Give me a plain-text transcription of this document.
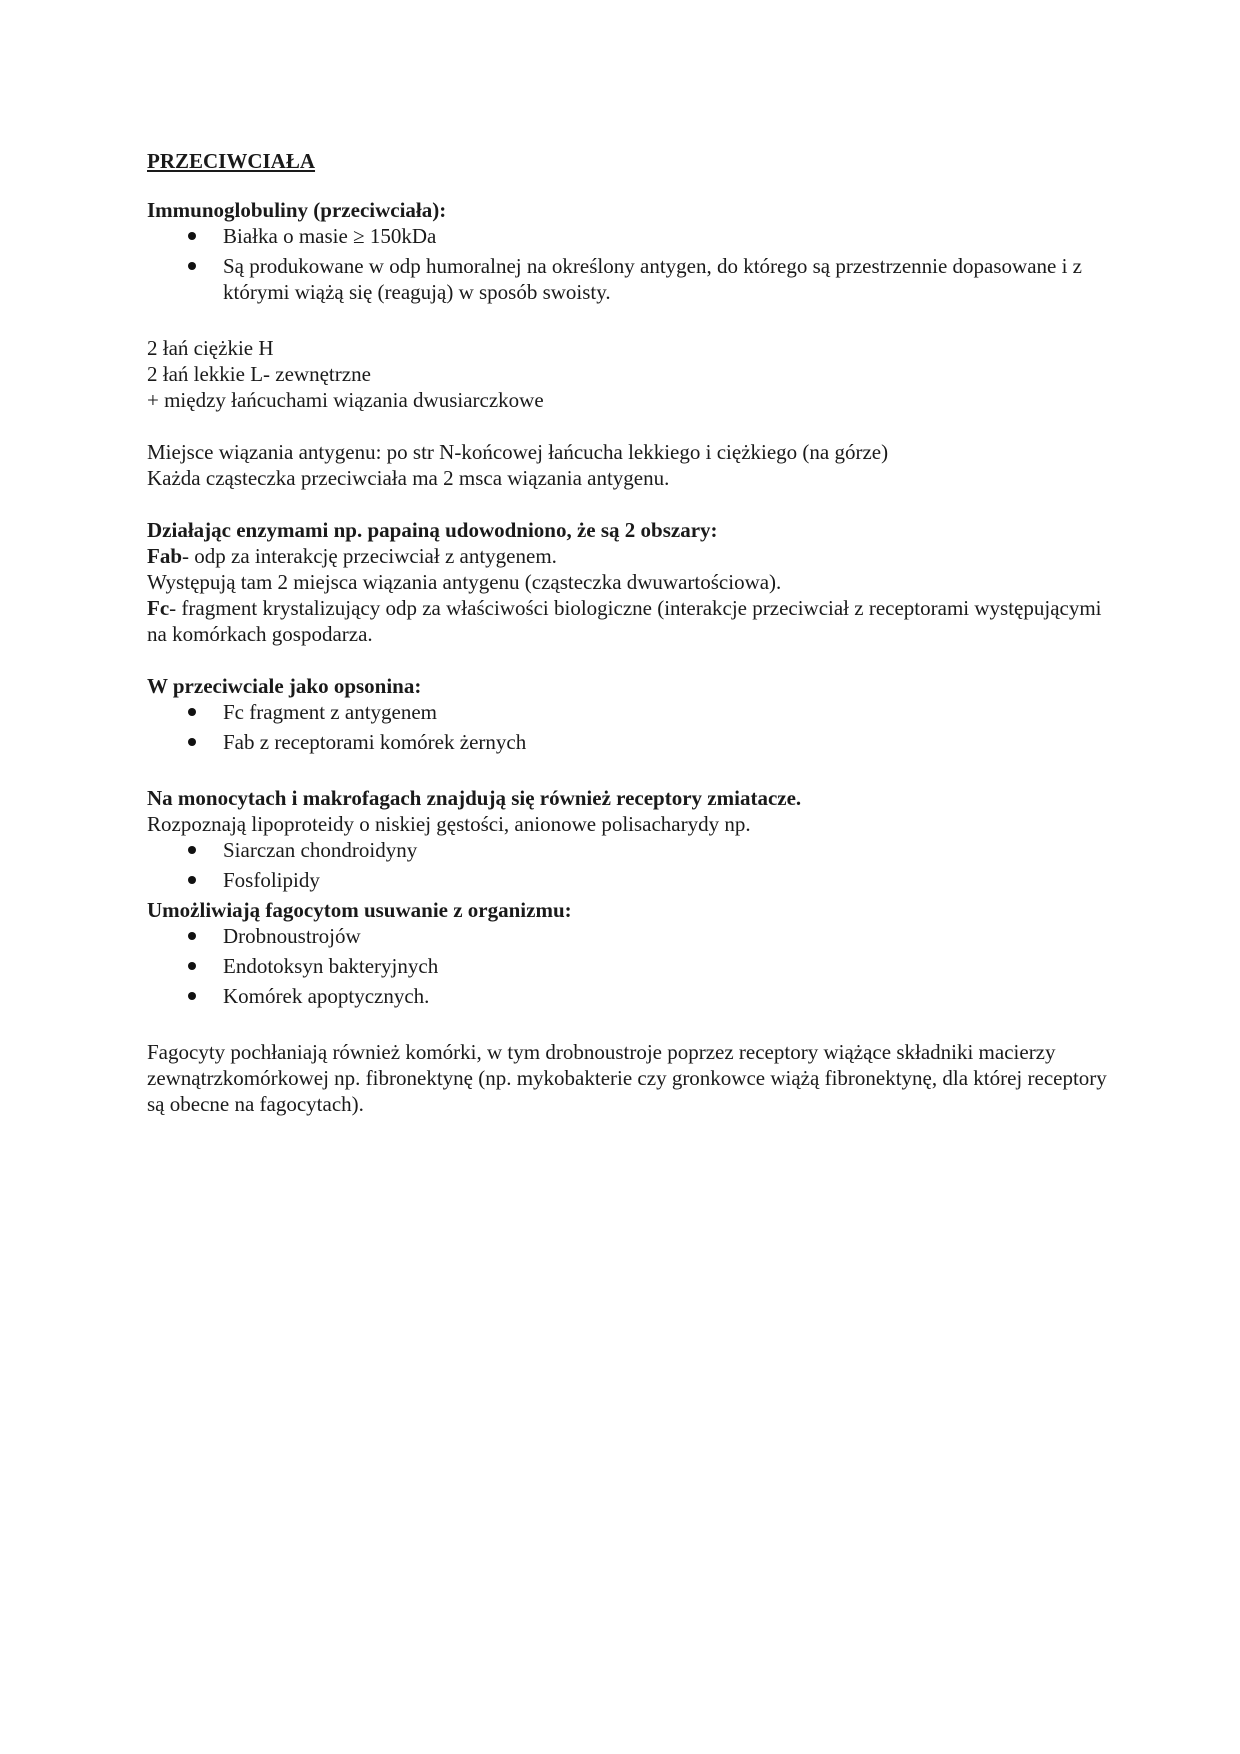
PRZECIWCIAŁA

Immunoglobuliny (przeciwciała):

Białka o masie ≥ 150kDa
Są produkowane w odp humoralnej na określony antygen, do którego są przestrzennie dopasowane i z którymi wiążą się (reagują) w sposób swoisty.

2 łań ciężkie H

2 łań lekkie L- zewnętrzne

+ między łańcuchami wiązania dwusiarczkowe

Miejsce wiązania antygenu: po str N-końcowej łańcucha lekkiego i ciężkiego (na górze)

Każda cząsteczka przeciwciała ma 2 msca wiązania antygenu.

Działając enzymami np. papainą udowodniono, że są 2 obszary:

Fab- odp za interakcję przeciwciał z antygenem.

Występują tam 2 miejsca wiązania antygenu (cząsteczka dwuwartościowa).

Fc- fragment krystalizujący odp za właściwości biologiczne (interakcje przeciwciał z receptorami występującymi na komórkach gospodarza.

W przeciwciale jako opsonina:

Fc fragment z antygenem
Fab z receptorami komórek żernych

Na monocytach i makrofagach znajdują się również receptory zmiatacze.

Rozpoznają lipoproteidy o niskiej gęstości, anionowe polisacharydy np.

Siarczan chondroidyny
Fosfolipidy

Umożliwiają fagocytom usuwanie z organizmu:

Drobnoustrojów
Endotoksyn bakteryjnych
Komórek apoptycznych.

Fagocyty pochłaniają również komórki, w tym drobnoustroje poprzez receptory wiążące składniki macierzy zewnątrzkomórkowej np. fibronektynę (np. mykobakterie czy gronkowce wiążą fibronektynę, dla której receptory są obecne na fagocytach).
